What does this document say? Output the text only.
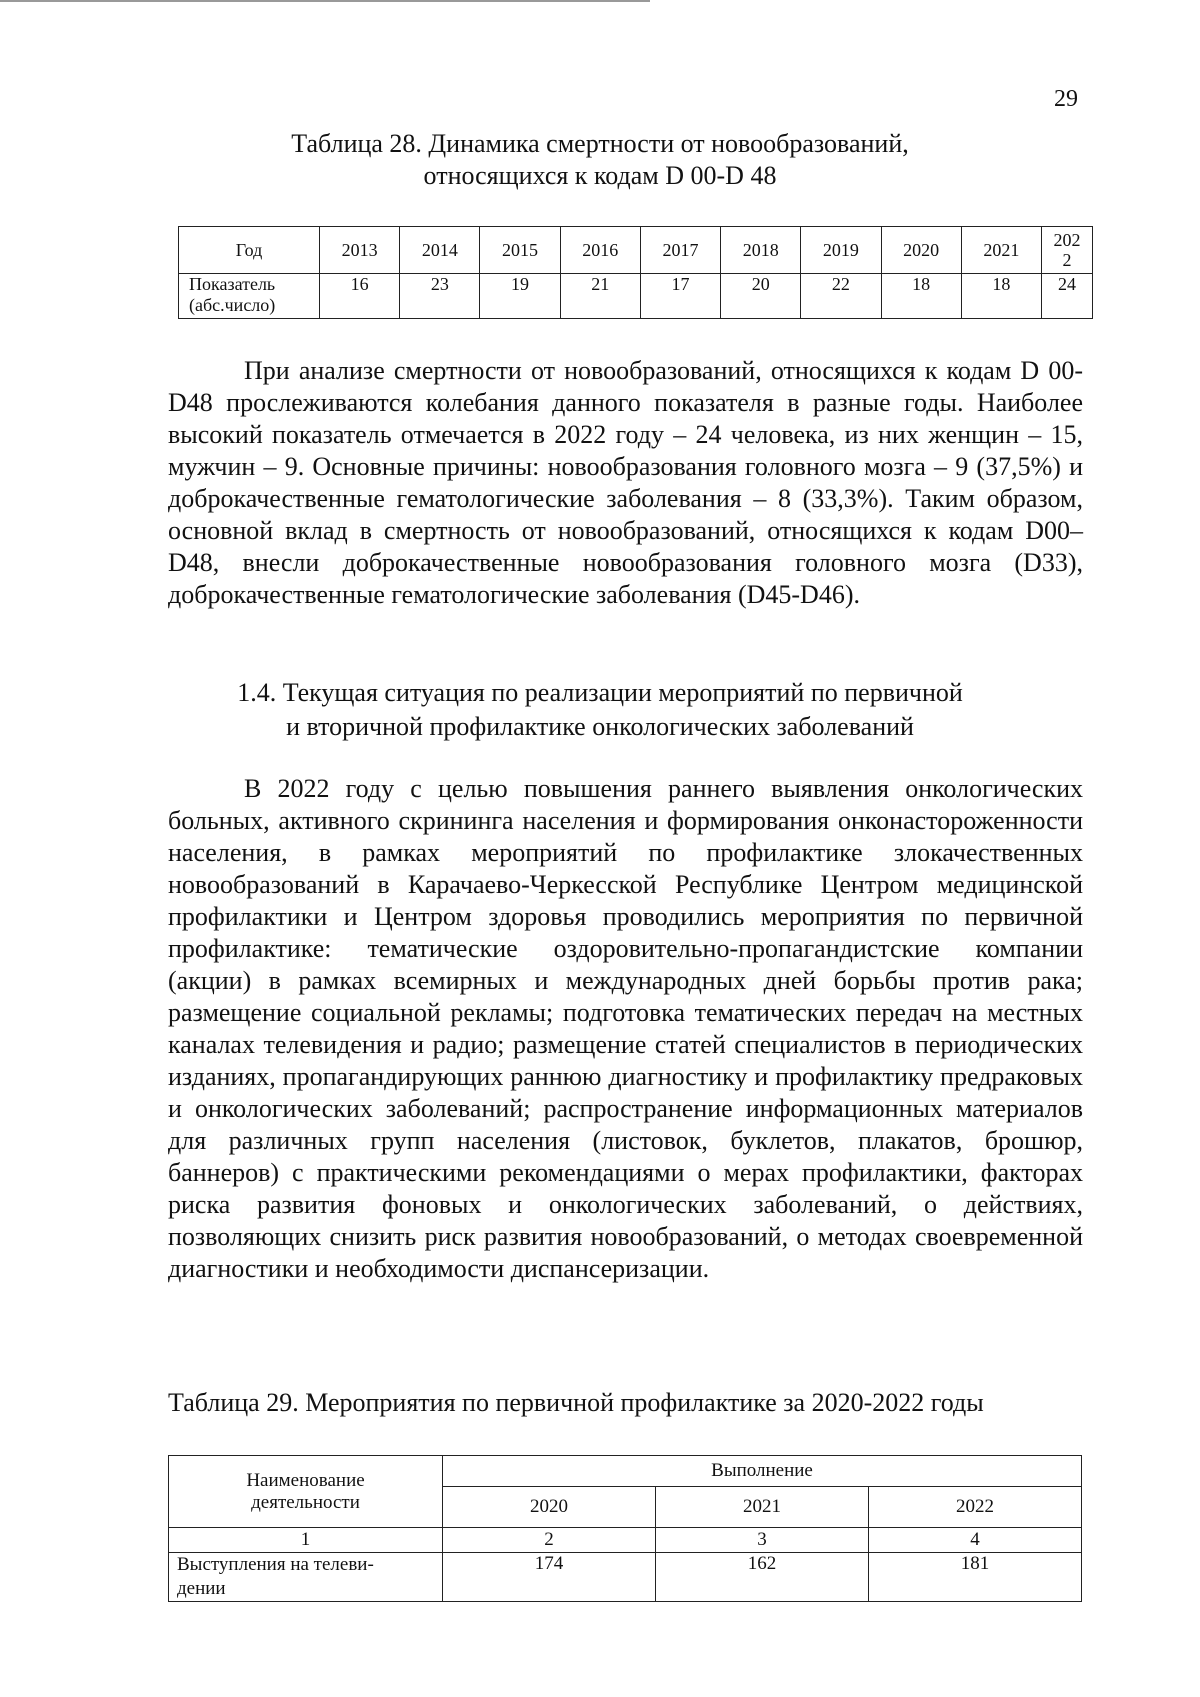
29
Таблица 28. Динамика смертности от новообразований,
относящихся к кодам D 00-D 48
Год	2013	2014	2015	2016	2017	2018	2019	2020	2021	202
2

Показатель
(абс.число)	16	23	19	21	17	20	22	18	18	24
При анализе смертности от новообразований, относящихся к кодам D 00-D48 прослеживаются колебания данного показателя в разные годы. Наиболее высокий показатель отмечается в 2022 году – 24 человека, из них женщин – 15, мужчин – 9. Основные причины: новообразования головного мозга – 9 (37,5%) и доброкачественные гематологические заболевания – 8 (33,3%). Таким образом, основной вклад в смертность от новообразований, относящихся к кодам D00–D48, внесли доброкачественные новообразования головного мозга (D33), доброкачественные гематологические заболевания (D45-D46).
1.4. Текущая ситуация по реализации мероприятий по первичной
и вторичной профилактике онкологических заболеваний
В 2022 году с целью повышения раннего выявления онкологических больных, активного скрининга населения и формирования онконастороженности населения, в рамках мероприятий по профилактике злокачественных новообразований в Карачаево-Черкесской Республике Центром медицинской профилактики и Центром здоровья проводились мероприятия по первичной профилактике: тематические оздоровительно-пропагандистские компании (акции) в рамках всемирных и международных дней борьбы против рака; размещение социальной рекламы; подготовка тематических передач на местных каналах телевидения и радио; размещение статей специалистов в периодических изданиях, пропагандирующих раннюю диагностику и профилактику предраковых и онкологических заболеваний; распространение информационных материалов для различных групп населения (листовок, буклетов, плакатов, брошюр, баннеров) с практическими рекомендациями о мерах профилактики, факторах риска развития фоновых и онкологических заболеваний, о действиях, позволяющих снизить риск развития новообразований, о методах своевременной диагностики и необходимости диспансеризации.
Таблица 29. Мероприятия по первичной профилактике за 2020-2022 годы
Наименование
деятельности	Выполнение		
	2020	2021	2022
1	2	3	4

Выступления на телеви-
дении	174	162	181
